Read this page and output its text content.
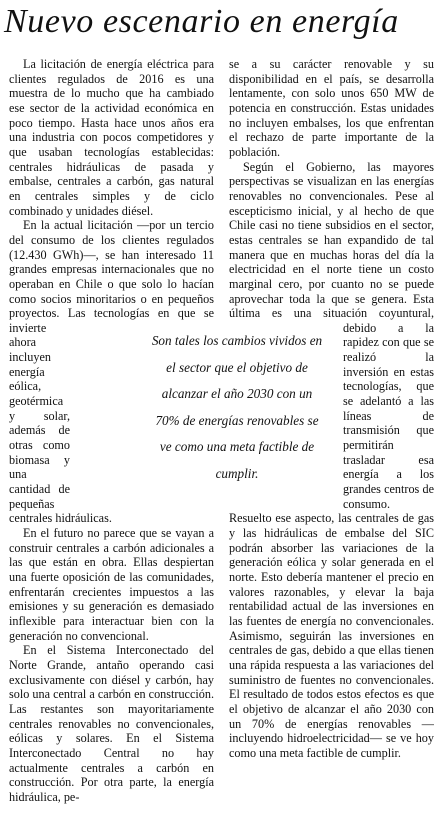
Nuevo escenario en energía

La licitación de energía eléctrica para clientes regulados de 2016 es una muestra de lo mucho que ha cambiado ese sector de la actividad económica en poco tiempo. Hasta hace unos años era una industria con pocos competidores y que usaban tecnologías establecidas: centrales hidráulicas de pasada y embalse, centrales a carbón, gas natural en centrales simples y de ciclo combinado y unidades diésel.

En la actual licitación —por un tercio del consumo de los clientes regulados (12.430 GWh)—, se han interesado 11 grandes empresas internacionales que no operaban en Chile o que solo lo hacían como socios minoritarios o en pequeños proyectos. Las tecnologías en que se invierte ahora incluyen energía eólica, geotérmica y solar, además de otras como biomasa y una cantidad de pequeñas centrales hidráulicas.

En el futuro no parece que se vayan a construir centrales a carbón adicionales a las que están en obra. Ellas despiertan una fuerte oposición de las comunidades, enfrentarán crecientes impuestos a las emisiones y su generación es demasiado inflexible para interactuar bien con la generación no convencional.

En el Sistema Interconectado del Norte Grande, antaño operando casi exclusivamente con diésel y carbón, hay solo una central a carbón en construcción. Las restantes son mayoritariamente centrales renovables no convencionales, eólicas y solares. En el Sistema Interconectado Central no hay actualmente centrales a carbón en construcción. Por otra parte, la energía hidráulica, pe-

se a su carácter renovable y su disponibilidad en el país, se desarrolla lentamente, con solo unos 650 MW de potencia en construcción. Estas unidades no incluyen embalses, los que enfrentan el rechazo de parte importante de la población.

Según el Gobierno, las mayores perspectivas se visualizan en las energías renovables no convencionales. Pese al escepticismo inicial, y al hecho de que Chile casi no tiene subsidios en el sector, estas centrales se han expandido de tal manera que en muchas horas del día la electricidad en el norte tiene un costo marginal cero, por cuanto no se puede aprovechar toda la que se genera. Esta última es una situación coyuntural, debido a la rapidez con que se realizó la inversión en estas tecnologías, que se adelantó a las líneas de transmisión que permitirán trasladar esa energía a los grandes centros de consumo. Resuelto ese aspecto, las centrales de gas y las hidráulicas de embalse del SIC podrán absorber las variaciones de la generación eólica y solar generada en el norte. Esto debería mantener el precio en valores razonables, y elevar la baja rentabilidad actual de las inversiones en las fuentes de energía no convencionales. Asimismo, seguirán las inversiones en centrales de gas, debido a que ellas tienen una rápida respuesta a las variaciones del suministro de fuentes no convencionales. El resultado de todos estos efectos es que el objetivo de alcanzar el año 2030 con un 70% de energías renovables —incluyendo hidroelectricidad— se ve hoy como una meta factible de cumplir.

Son tales los cambios vividos en el sector que el objetivo de alcanzar el año 2030 con un 70% de energías renovables se ve como una meta factible de cumplir.
